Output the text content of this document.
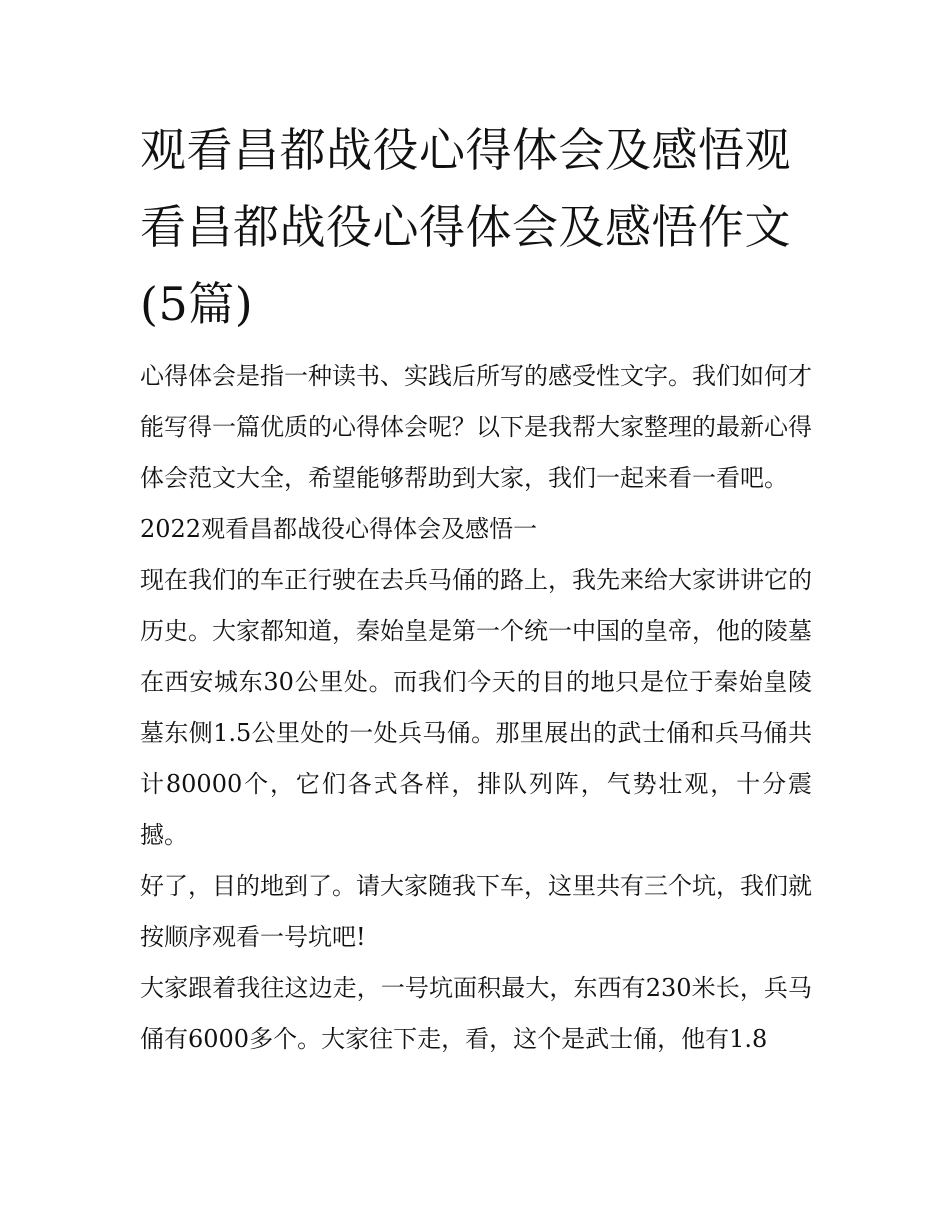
观看昌都战役心得体会及感悟观看昌都战役心得体会及感悟作文(5篇)

心得体会是指一种读书、实践后所写的感受性文字。我们如何才能写得一篇优质的心得体会呢？以下是我帮大家整理的最新心得体会范文大全，希望能够帮助到大家，我们一起来看一看吧。

2022观看昌都战役心得体会及感悟一

现在我们的车正行驶在去兵马俑的路上，我先来给大家讲讲它的历史。大家都知道，秦始皇是第一个统一中国的皇帝，他的陵墓在西安城东30公里处。而我们今天的目的地只是位于秦始皇陵墓东侧1.5公里处的一处兵马俑。那里展出的武士俑和兵马俑共计80000个，它们各式各样，排队列阵，气势壮观，十分震撼。

好了，目的地到了。请大家随我下车，这里共有三个坑，我们就按顺序观看一号坑吧!

大家跟着我往这边走，一号坑面积最大，东西有230米长，兵马俑有6000多个。大家往下走，看，这个是武士俑，他有1.8
